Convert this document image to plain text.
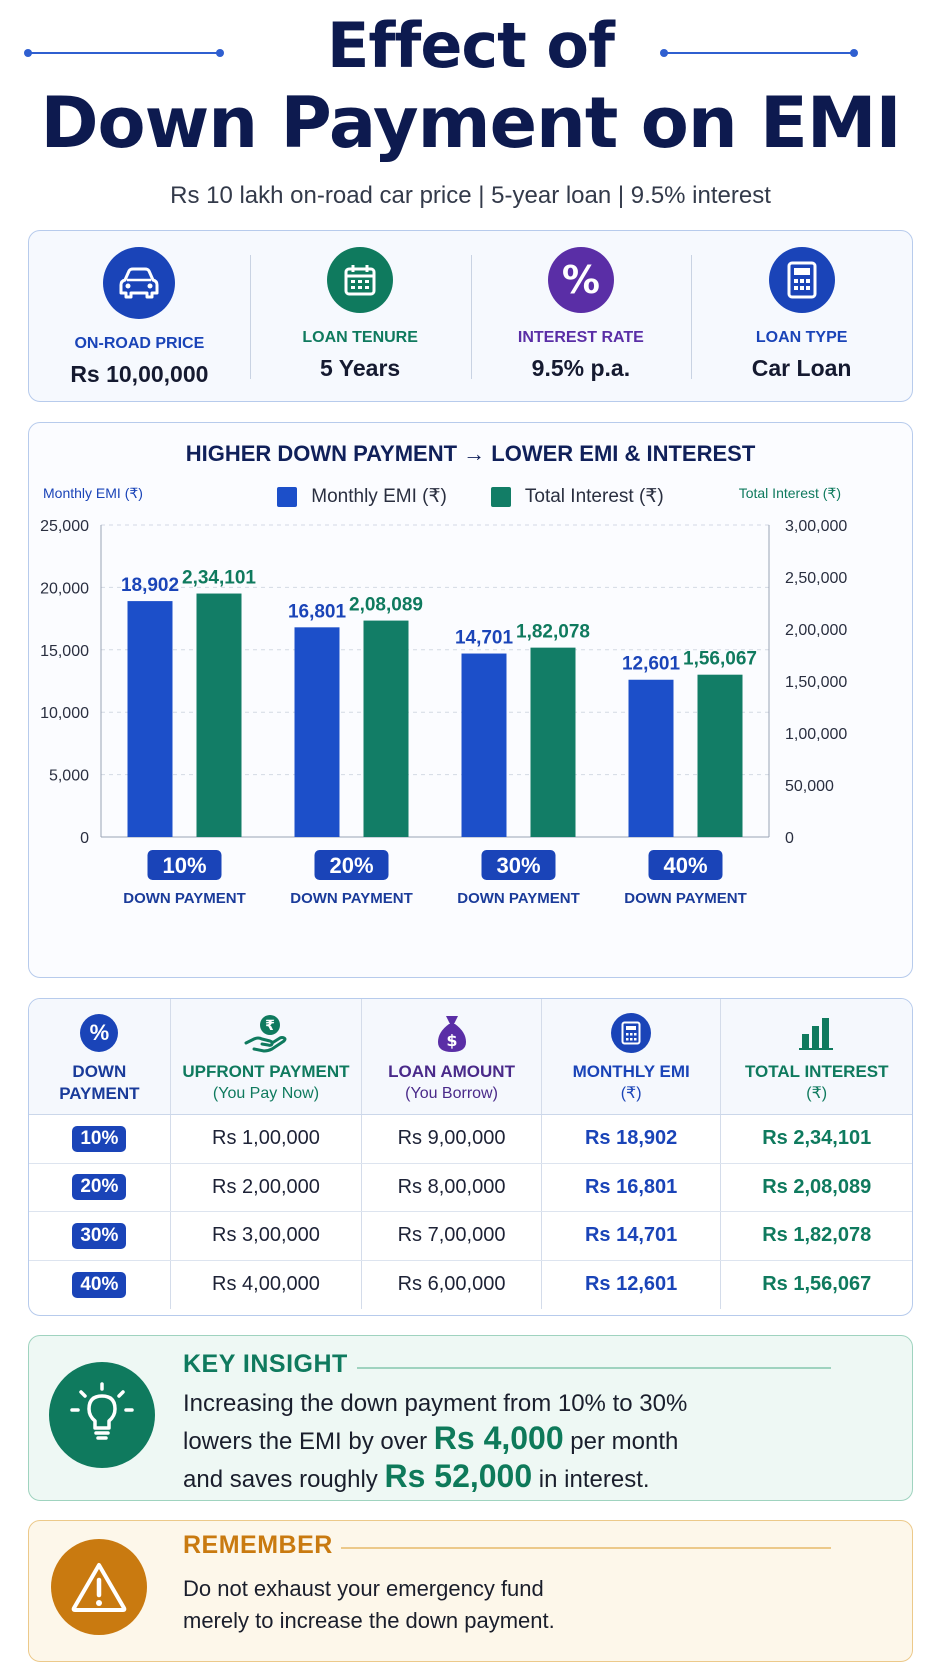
Effect of
Down Payment on EMI
Rs 10 lakh on-road car price | 5-year loan | 9.5% interest
ON-ROAD PRICE
Rs 10,00,000
LOAN TENURE
5 Years
%
INTEREST RATE
9.5% p.a.
LOAN TYPE
Car Loan
HIGHER DOWN PAYMENT → LOWER EMI & INTEREST
Monthly EMI (₹)	Total Interest (₹)
Monthly EMI (₹)	Total Interest (₹)
0
5,000
10,000
15,000
20,000
25,000
0
50,000
1,00,000
1,50,000
2,00,000
2,50,000
3,00,000
18,902 2,34,101
10%
DOWN PAYMENT
16,801 2,08,089
20%
DOWN PAYMENT
14,701 1,82,078
30%
DOWN PAYMENT
12,601 1,56,067
40%
DOWN PAYMENT
%
DOWN PAYMENT
₹
UPFRONT PAYMENT
(You Pay Now)
$
LOAN AMOUNT
(You Borrow)
MONTHLY EMI
(₹)
TOTAL INTEREST
(₹)
10%	Rs 1,00,000	Rs 9,00,000	Rs 18,902	Rs 2,34,101
20%	Rs 2,00,000	Rs 8,00,000	Rs 16,801	Rs 2,08,089
30%	Rs 3,00,000	Rs 7,00,000	Rs 14,701	Rs 1,82,078
40%	Rs 4,00,000	Rs 6,00,000	Rs 12,601	Rs 1,56,067
KEY INSIGHT
Increasing the down payment from 10% to 30%
lowers the EMI by over Rs 4,000 per month
and saves roughly Rs 52,000 in interest.
REMEMBER
Do not exhaust your emergency fund
merely to increase the down payment.
